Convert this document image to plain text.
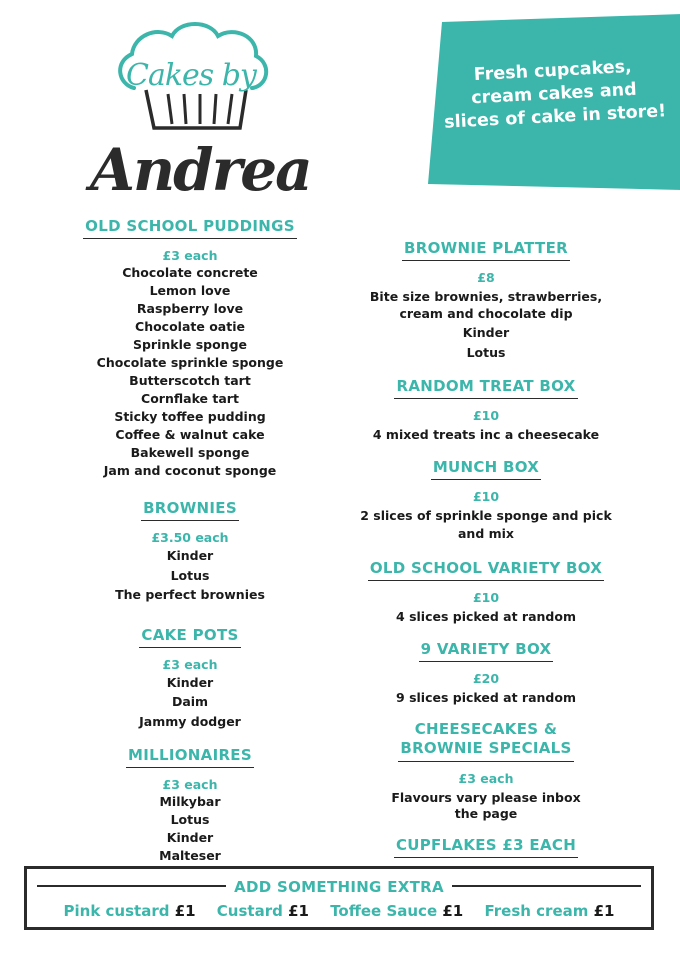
Cakes by
Andrea
Fresh cupcakes, cream cakes and slices of cake in store!
OLD SCHOOL PUDDINGS
£3 each
Chocolate concrete
Lemon love
Raspberry love
Chocolate oatie
Sprinkle sponge
Chocolate sprinkle sponge
Butterscotch tart
Cornflake tart
Sticky toffee pudding
Coffee & walnut cake
Bakewell sponge
Jam and coconut sponge
BROWNIES
£3.50 each
Kinder
Lotus
The perfect brownies
CAKE POTS
£3 each
Kinder
Daim
Jammy dodger
MILLIONAIRES
£3 each
Milkybar
Lotus
Kinder
Malteser
BROWNIE PLATTER
£8
Bite size brownies, strawberries,
cream and chocolate dip
Kinder
Lotus
RANDOM TREAT BOX
£10
4 mixed treats inc a cheesecake
MUNCH BOX
£10
2 slices of sprinkle sponge and pick
and mix
OLD SCHOOL VARIETY BOX
£10
4 slices picked at random
9 VARIETY BOX
£20
9 slices picked at random
CHEESECAKES &
BROWNIE SPECIALS
£3 each
Flavours vary please inbox
the page
CUPFLAKES £3 EACH
ADD SOMETHING EXTRA
Pink custard £1 Custard £1 Toffee Sauce £1 Fresh cream £1
